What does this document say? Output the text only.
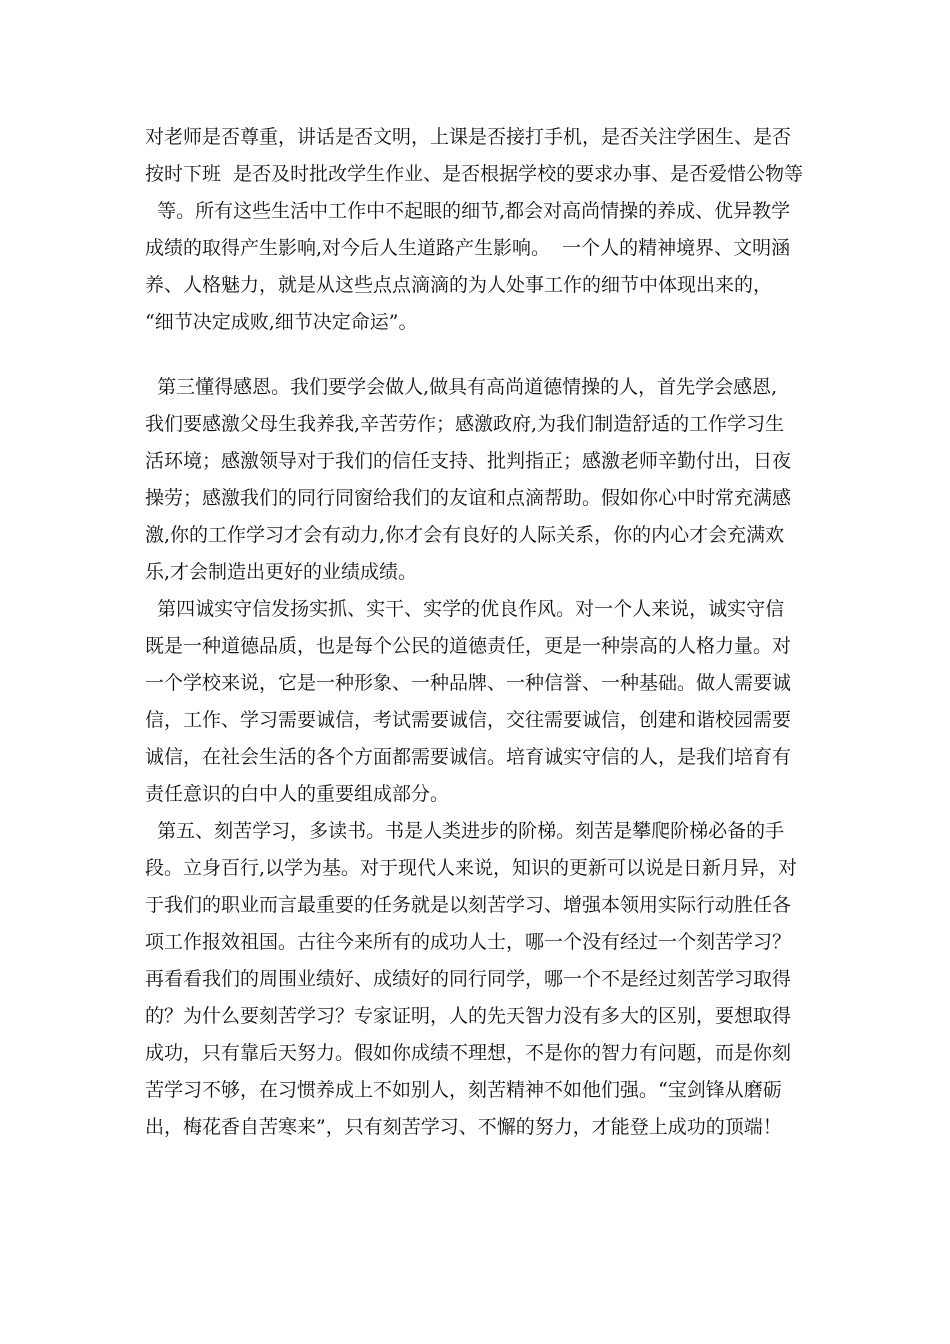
对老师是否尊重，讲话是否文明，上课是否接打手机，是否关注学困生、是否
按时下班  是否及时批改学生作业、是否根据学校的要求办事、是否爱惜公物等
等。所有这些生活中工作中不起眼的细节,都会对高尚情操的养成、优异教学
成绩的取得产生影响,对今后人生道路产生影响。  一个人的精神境界、文明涵
养、人格魅力，就是从这些点点滴滴的为人处事工作的细节中体现出来的，
“细节决定成败,细节决定命运”。
第三懂得感恩。我们要学会做人,做具有高尚道德情操的人，首先学会感恩,
我们要感激父母生我养我,辛苦劳作；感激政府,为我们制造舒适的工作学习生
活环境；感激领导对于我们的信任支持、批判指正；感激老师辛勤付出，日夜
操劳；感激我们的同行同窗给我们的友谊和点滴帮助。假如你心中时常充满感
激,你的工作学习才会有动力,你才会有良好的人际关系，你的内心才会充满欢
乐,才会制造出更好的业绩成绩。
第四诚实守信发扬实抓、实干、实学的优良作风。对一个人来说，诚实守信
既是一种道德品质，也是每个公民的道德责任，更是一种崇高的人格力量。对
一个学校来说，它是一种形象、一种品牌、一种信誉、一种基础。做人需要诚
信，工作、学习需要诚信，考试需要诚信，交往需要诚信，创建和谐校园需要
诚信，在社会生活的各个方面都需要诚信。培育诚实守信的人，是我们培育有
责任意识的白中人的重要组成部分。
第五、刻苦学习，多读书。书是人类进步的阶梯。刻苦是攀爬阶梯必备的手
段。立身百行,以学为基。对于现代人来说，知识的更新可以说是日新月异，对
于我们的职业而言最重要的任务就是以刻苦学习、增强本领用实际行动胜任各
项工作报效祖国。古往今来所有的成功人士，哪一个没有经过一个刻苦学习？
再看看我们的周围业绩好、成绩好的同行同学，哪一个不是经过刻苦学习取得
的？为什么要刻苦学习？专家证明，人的先天智力没有多大的区别，要想取得
成功，只有靠后天努力。假如你成绩不理想，不是你的智力有问题，而是你刻
苦学习不够，在习惯养成上不如别人，刻苦精神不如他们强。“宝剑锋从磨砺
出，梅花香自苦寒来”，只有刻苦学习、不懈的努力，才能登上成功的顶端！
